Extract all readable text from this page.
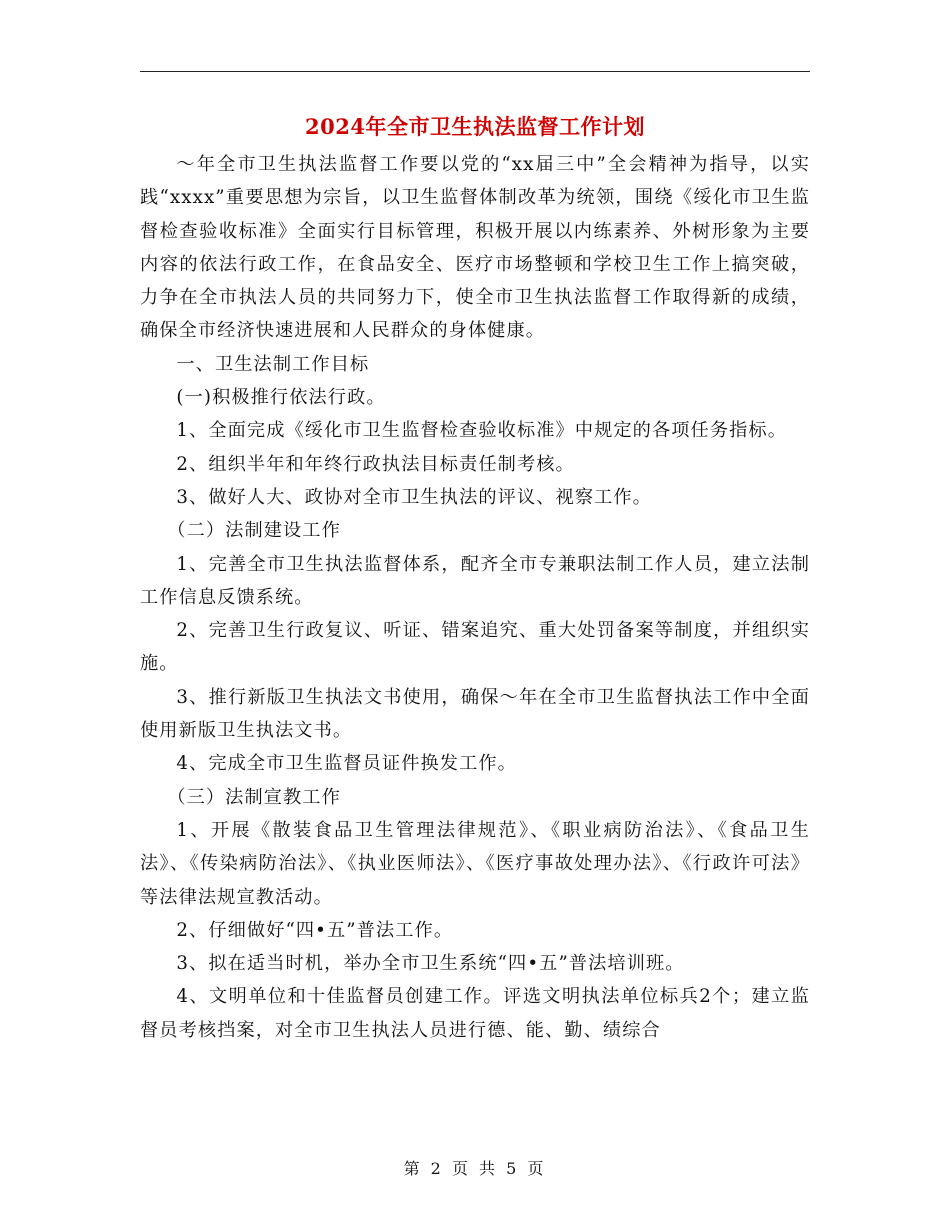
2024年全市卫生执法监督工作计划

～年全市卫生执法监督工作要以党的“xx届三中”全会精神为指导，以实践“xxxx”重要思想为宗旨，以卫生监督体制改革为统领，围绕《绥化市卫生监督检查验收标准》全面实行目标管理，积极开展以内练素养、外树形象为主要内容的依法行政工作，在食品安全、医疗市场整顿和学校卫生工作上搞突破，力争在全市执法人员的共同努力下，使全市卫生执法监督工作取得新的成绩，确保全市经济快速进展和人民群众的身体健康。

一、卫生法制工作目标

(一)积极推行依法行政。

1、全面完成《绥化市卫生监督检查验收标准》中规定的各项任务指标。

2、组织半年和年终行政执法目标责任制考核。

3、做好人大、政协对全市卫生执法的评议、视察工作。

（二）法制建设工作

1、完善全市卫生执法监督体系，配齐全市专兼职法制工作人员，建立法制工作信息反馈系统。

2、完善卫生行政复议、听证、错案追究、重大处罚备案等制度，并组织实施。

3、推行新版卫生执法文书使用，确保～年在全市卫生监督执法工作中全面使用新版卫生执法文书。

4、完成全市卫生监督员证件换发工作。

（三）法制宣教工作

1、开展《散装食品卫生管理法律规范》、《职业病防治法》、《食品卫生法》、《传染病防治法》、《执业医师法》、《医疗事故处理办法》、《行政许可法》等法律法规宣教活动。

2、仔细做好“四•五”普法工作。

3、拟在适当时机，举办全市卫生系统“四•五”普法培训班。

4、文明单位和十佳监督员创建工作。评选文明执法单位标兵2个；建立监督员考核挡案，对全市卫生执法人员进行德、能、勤、绩综合

第 2 页 共 5 页
